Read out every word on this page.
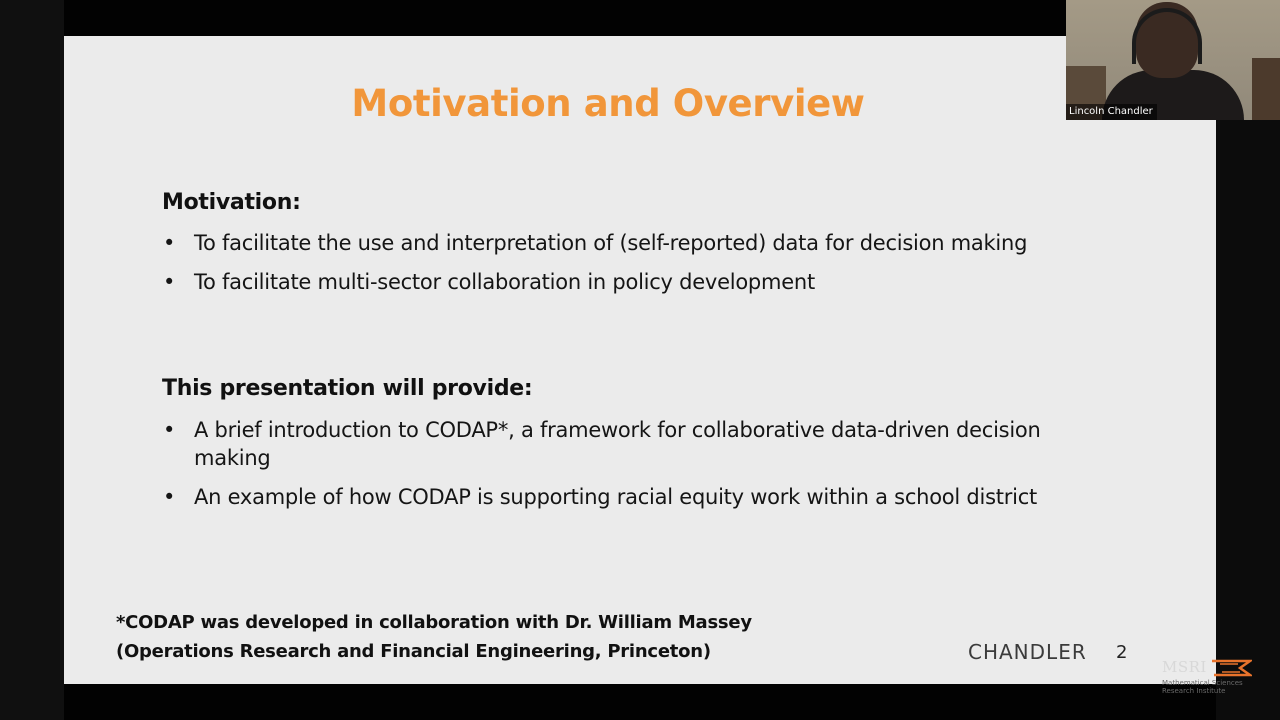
Motivation and Overview
Motivation:
• To facilitate the use and interpretation of (self-reported) data for decision making
• To facilitate multi-sector collaboration in policy development
This presentation will provide:
• A brief introduction to CODAP*, a framework for collaborative data-driven decision making
• An example of how CODAP is supporting racial equity work within a school district
*CODAP was developed in collaboration with Dr. William Massey
(Operations Research and Financial Engineering, Princeton)	CHANDLER 2
Lincoln Chandler
MSRI
Mathematical Sciences
Research Institute
